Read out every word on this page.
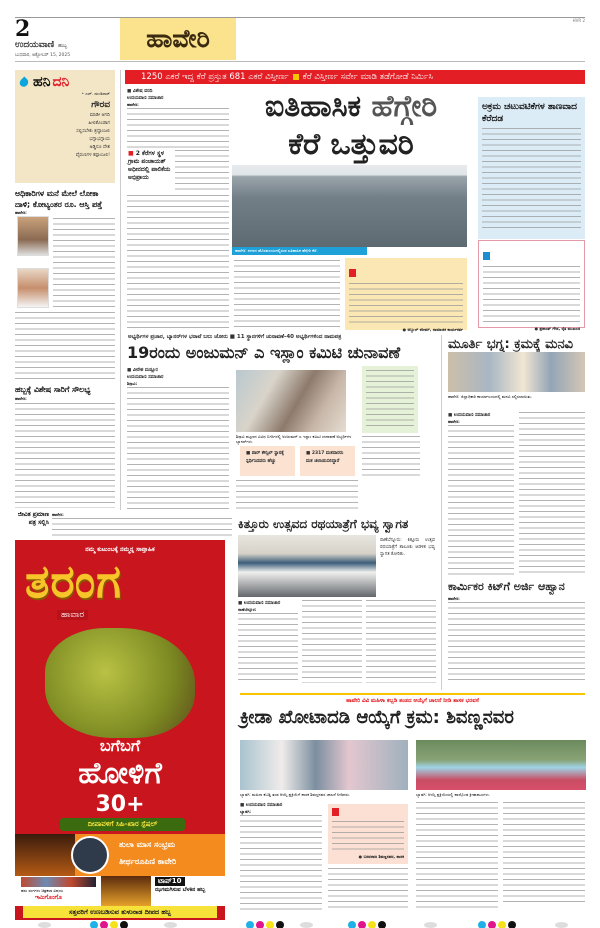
2
ಉದಯವಾಣಿ ಹುಬ್ಬ
ಬುಧವಾರ, ಅಕ್ಟೋಬರ್ 15, 2025
ಹಾವೇರಿ
HVR 2
ಹನಿ ದನಿ
• ಎಚ್. ಡುಂಡಿರಾಜ್
ಗೌರವ
ಮಾಡೀ ಆಗದಿ
ಹೀಲಿಕೊಂಡಾಗ
ಸಲ್ಲಿಸಬೇಕು ಶ್ರದ್ಧಾಂಜಲಿ
ಭಗ್ನಾಭಗ್ನಾಯ
ಅಡ್ಡಿನೂ ದೇಶ
ವೈರುಣಗಳ ಕಪ್ಪಾಂಜಲಿ!
ಅಧಿಕಾರಿಗಳ ಮನೆ ಮೇಲೆ ಲೋಕಾ ದಾಳಿ; ಕೋಟ್ಯಂತರ ರೂ. ಆಸ್ತಿ ಪತ್ತೆ
ಹಾವೇರಿ:
ಹಬ್ಬಕ್ಕೆ ವಿಶೇಷ ಸಾರಿಗೆ ಸೌಲಭ್ಯ
ಹಾವೇರಿ:
ಜೀವಿತ ಪ್ರಮಾಣ ಪತ್ರ ಸಲ್ಲಿಸಿ
ಹಾವೇರಿ:
1250 ಎಕರೆ ಇದ್ದ ಕೆರೆ ಪ್ರಸ್ತುತ 681 ಎಕರೆ ವಿಸ್ತೀರ್ಣ ಕೆರೆ ವಿಸ್ತೀರ್ಣ ಸರ್ವೇ ಮಾಡಿ ತಡೆಗೋಡೆ ನಿರ್ಮಿಸಿ
■ ವಿಶೇಷ ವರದಿ
ಉದಯವಾಣಿ ಸಮಾಚಾರ
ಹಾವೇರಿ:
■ 2 ಕೆರೆಗಳ ಸ್ಥಳ ಗ್ರಾಮ ಪಂಚಾಯತ್ ಅಧೀನದಲ್ಲಿ ಪಾಲಿಕೆಯ ಅಭಿಪ್ರಾಯ
ಐತಿಹಾಸಿಕ ಹೆಗ್ಗೇರಿ
ಕೆರೆ ಒತ್ತುವರಿ
ಹಾವೇರಿ: ನಗರದ ಹೊರವಲಯದಲ್ಲಿರುವ ಐತಿಹಾಸಿಕ ಹೆಗ್ಗೇರಿ ಕೆರೆ.
● ಅಬ್ದುಲ್ ಕರೀಮ್, ಸಾಮಾಜಿಕ ಕಾರ್ಯಕರ್ತ
ಅಕ್ರಮ ಚಟುವಟಿಕೆಗಳ ತಾಣವಾದ ಕೆರೆದಡ
● ಪ್ರಶಾಂತ್ ಗೌಡ, ರೈತ ಮುಖಂಡ
ಅಭ್ಯರ್ಥಿಗಳ ಪ್ರಚಾರ, ಬ್ಯಾನರ್‌ಗಳ ಭರಾಟೆ ಬಲು ಜೋರು ■ 11 ಸ್ಥಾನಗಳಿಗೆ ಚುನಾವಣೆ-40 ಅಭ್ಯರ್ಥಿಗಳಿಂದ ನಾಮಪತ್ರ
19ರಂದು ಅಂಜುಮನ್ ಎ ಇಸ್ಲಾಂ ಕಮಿಟಿ ಚುನಾವಣೆ
■ ವೀರೇಶ ಮಡ್ಲೂರ
ಉದಯವಾಣಿ ಸಮಾಚಾರ
ಶಿಗ್ಗಾವಿ:
ಶಿಗ್ಗಾವಿ ಪಟ್ಟಣದ ವಿವಿಧ ಬೀದಿಗಳಲ್ಲಿ ಅಂಜುಮನ್ ಎ ಇಸ್ಲಾಂ ಕಮಿಟಿ ಚುನಾವಣೆ ಅಭ್ಯರ್ಥಿಗಳ ಬ್ಯಾನರ್‌ಗಳು.
■ ಪಾರ್ ಕೌನ್ಸಿಲ್ ಸ್ಥಾನಕ್ಕೆ ಸ್ಪರ್ಧಿಸಿದವರು ಹೆಚ್ಚು
■ 2317 ಮತದಾರರು ಮತ ಚಲಾಯಿಸಲಿದ್ದಾರೆ
ಮೂರ್ತಿ ಭಗ್ನ: ಕ್ರಮಕ್ಕೆ ಮನವಿ
ಹಾವೇರಿ: ಜಿಲ್ಲಾಧಿಕಾರಿ ಕಾರ್ಯಾಲಯದಲ್ಲಿ ಮನವಿ ಸಲ್ಲಿಸಲಾಯಿತು.
■ ಉದಯವಾಣಿ ಸಮಾಚಾರ
ಹಾವೇರಿ:
ಕಿತ್ತೂರು ಉತ್ಸವದ ರಥಯಾತ್ರೆಗೆ ಭವ್ಯ ಸ್ವಾಗತ
ರಾಣೆಬೆನ್ನೂರು: ಕಿತ್ತೂರು ಉತ್ಸವ ರಥಯಾತ್ರೆಗೆ ತಾಲೂಕು ಆಡಳಿತ ಭವ್ಯ ಸ್ವಾಗತ ಕೋರಿತು.
■ ಉದಯವಾಣಿ ಸಮಾಚಾರ
ರಾಣೆಬೆನ್ನೂರ:
ಕಾರ್ಮಿಕರ ಕಿಟ್‌ಗೆ ಅರ್ಜಿ ಆಹ್ವಾನ
ಹಾವೇರಿ:
ಹಾವೇರಿ ವಿವಿ ಮಹಿಳಾ ಕಬ್ಬಡಿ ತಂಡದ ಆಯ್ಕೆಗೆ ಚಾಲನೆ ನೀಡಿ ಶಾಸಕ ಭರವಸೆ
ಕ್ರೀಡಾ ಖೋಟಾದಡಿ ಆಯ್ಕೆಗೆ ಕ್ರಮ: ಶಿವಣ್ಣನವರ
ಬ್ಯಾಡಗಿ: ಮಹಿಳಾ ಕಬಡ್ಡಿ ತಂಡ ಆಯ್ಕೆ ಪ್ರಕ್ರಿಯೆಗೆ ಶಾಸಕ ಶಿವಣ್ಣನವರ ಚಾಲನೆ ನೀಡಿದರು.	ಬ್ಯಾಡಗಿ: ಆಯ್ಕೆ ಪ್ರಕ್ರಿಯೆಯಲ್ಲಿ ಪಾಲ್ಗೊಂಡ ಕ್ರೀಡಾಪಟುಗಳು.
■ ಉದಯವಾಣಿ ಸಮಾಚಾರ
ಬ್ಯಾಡಗಿ:
● ಬಸವರಾಜ ಶಿವಣ್ಣನವರ, ಶಾಸಕ
ನಮ್ಮ ಕುಟುಂಬಕ್ಕೆ ನಮ್ಮನ್ನ ಸಾಪ್ತಾಹಿಕ
ತರಂಗ
ಹಾವಾರ
ಬಗೆಬಗೆ
ಹೋಳಿಗೆ
30+
ದೀಪಾವಳಿಗೆ ಸಿಹಿ-ಖಾರ ಸ್ಪೆಷಲ್
ತುಲಾ ಮಾಸ ಸಂಭ್ರಮ
ತೀರ್ಥರೂಪಿಣಿ ಕಾವೇರಿ
ಹಸು ರಂಗಗಳು ಚಿತ್ರಕಲಾ ವಿಷಯ
ಇಮಿಗೊಂಗೊ
ಟಾಪ್10
ಝಗಮಗಿಸುವ ಬೆಳಕಿನ ಹಬ್ಬ
ಸತ್ತವರಿಗೆ ಉಣಬಡಿಸುವ ತುಳುನಾಡ ದೀಪದ ಹಬ್ಬ
